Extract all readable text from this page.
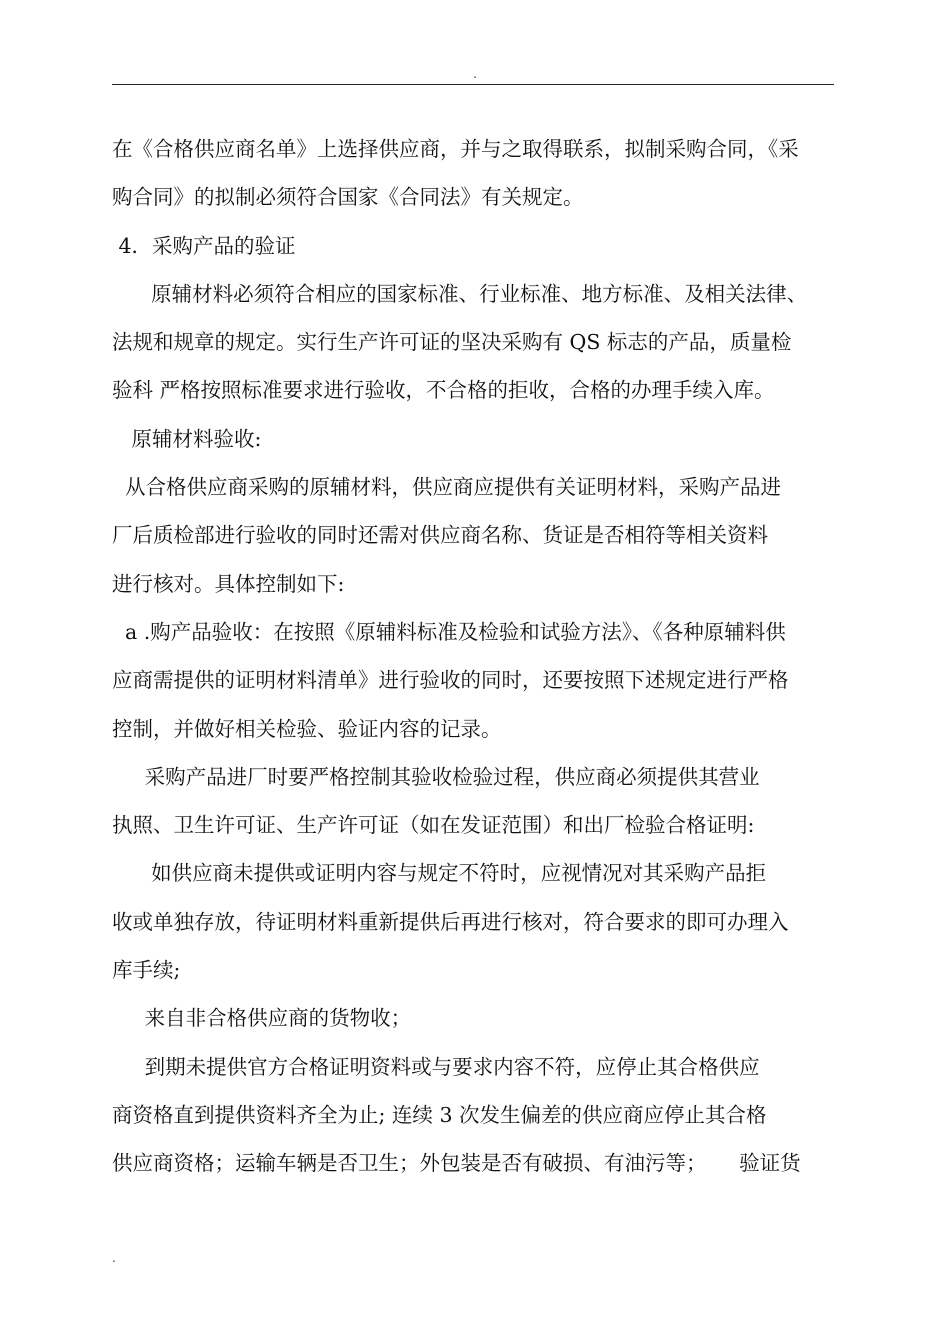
.
在《合格供应商名单》上选择供应商，并与之取得联系，拟制采购合同，《采
购合同》的拟制必须符合国家《合同法》有关规定。
4．采购产品的验证
原辅材料必须符合相应的国家标准、行业标准、地方标准、及相关法律、
法规和规章的规定。实行生产许可证的坚决采购有 QS 标志的产品，质量检
验科 严格按照标准要求进行验收，不合格的拒收，合格的办理手续入库。
原辅材料验收:
从合格供应商采购的原辅材料，供应商应提供有关证明材料，采购产品进
厂后质检部进行验收的同时还需对供应商名称、货证是否相符等相关资料
进行核对。具体控制如下:
a .购产品验收：在按照《原辅料标准及检验和试验方法》、《各种原辅料供
应商需提供的证明材料清单》进行验收的同时，还要按照下述规定进行严格
控制，并做好相关检验、验证内容的记录。
采购产品进厂时要严格控制其验收检验过程，供应商必须提供其营业
执照、卫生许可证、生产许可证（如在发证范围）和出厂检验合格证明:
如供应商未提供或证明内容与规定不符时，应视情况对其采购产品拒
收或单独存放，待证明材料重新提供后再进行核对，符合要求的即可办理入
库手续;
来自非合格供应商的货物收；
到期未提供官方合格证明资料或与要求内容不符，应停止其合格供应
商资格直到提供资料齐全为止; 连续 3 次发生偏差的供应商应停止其合格
供应商资格；运输车辆是否卫生；外包装是否有破损、有油污等；     验证货
.
